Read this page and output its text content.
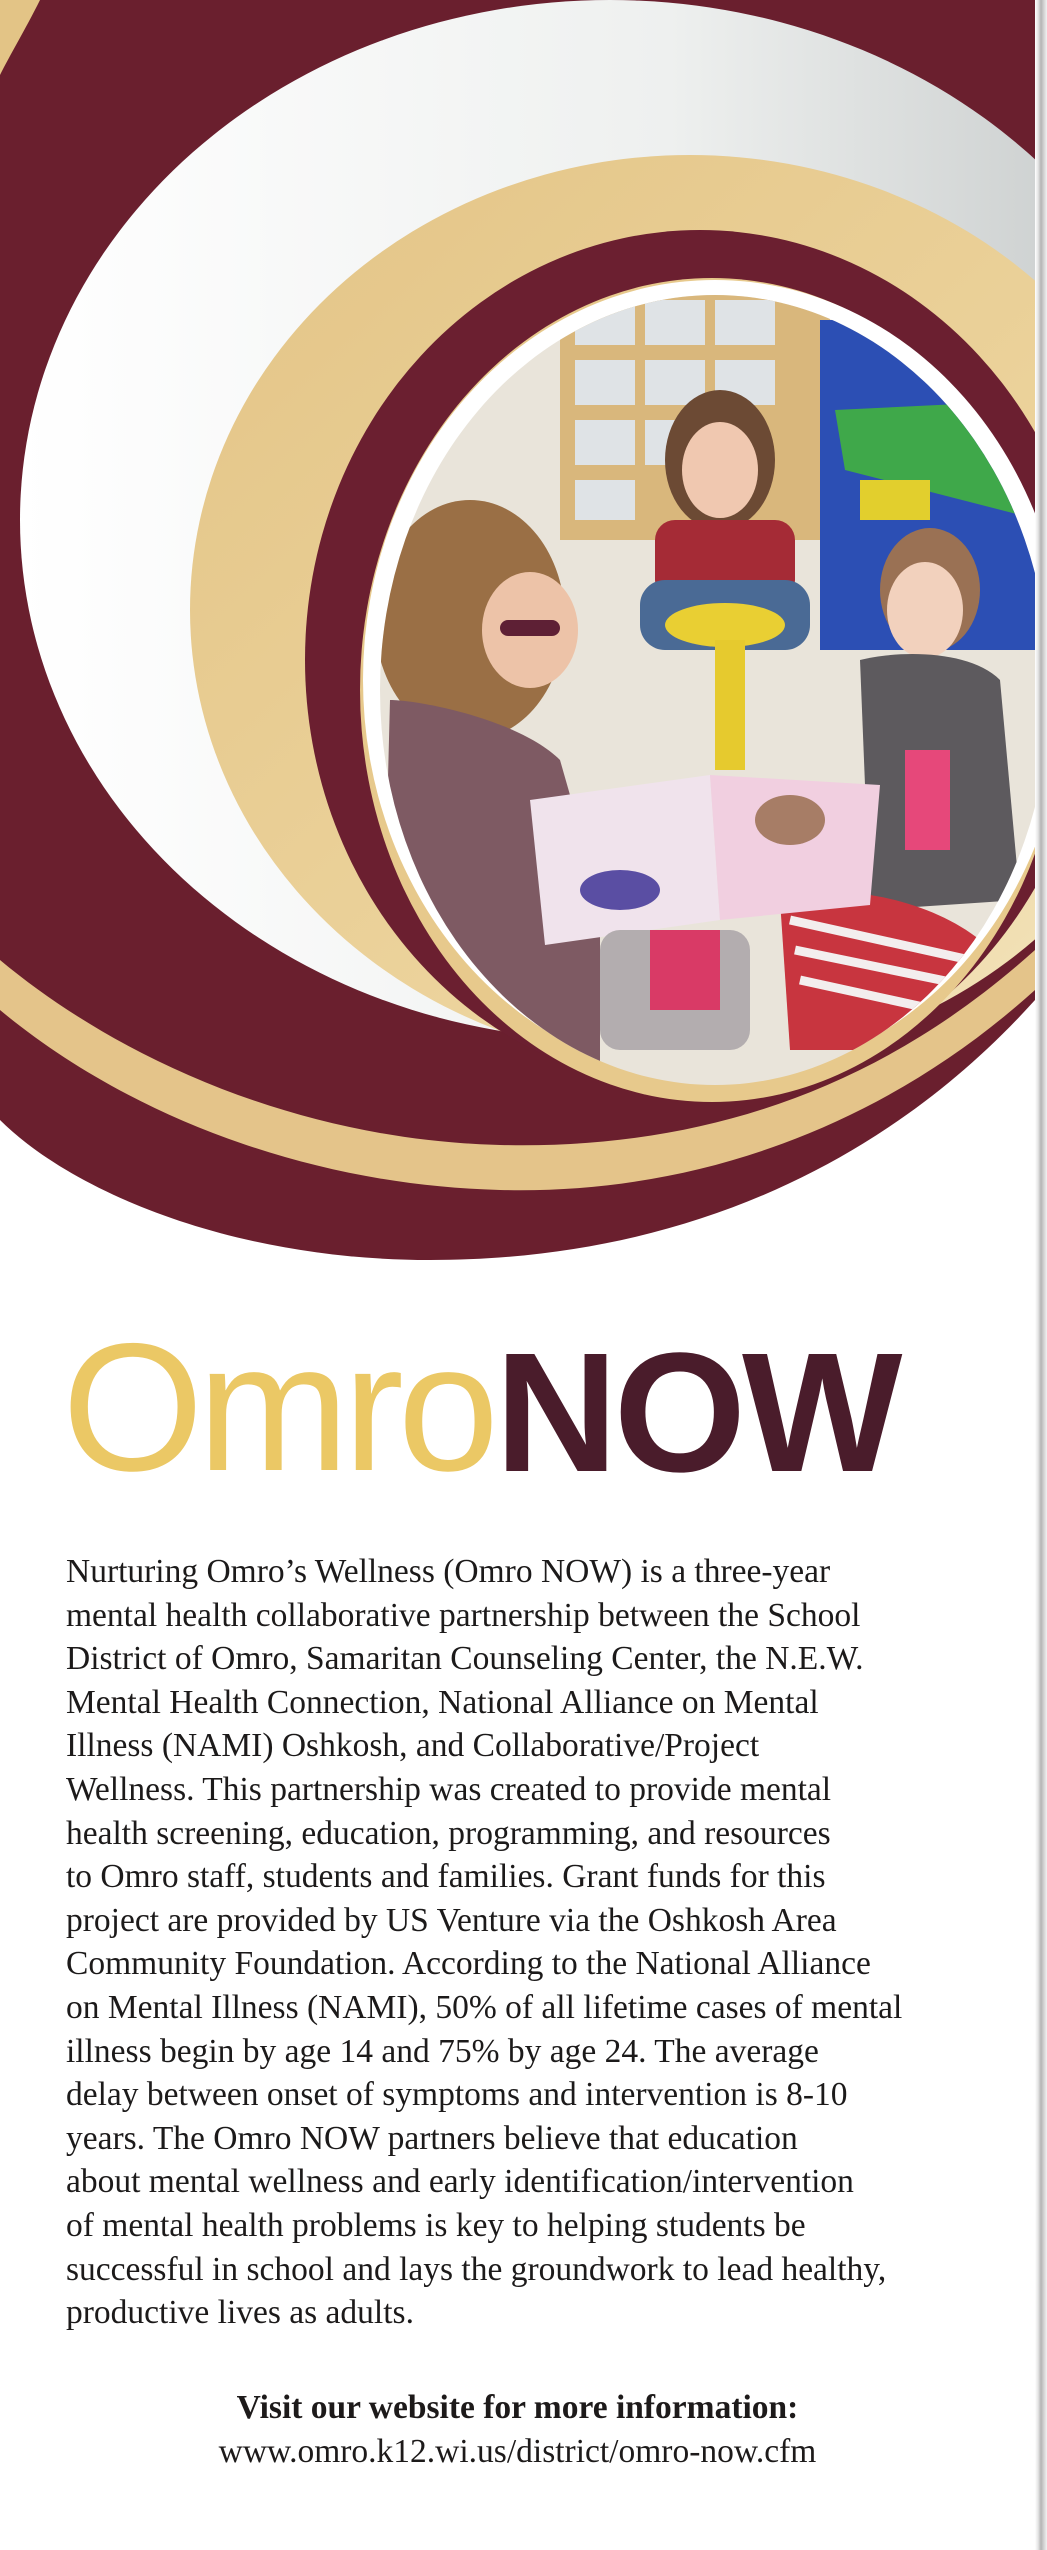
Omro NOW

Nurturing Omro’s Wellness (Omro NOW) is a three-year

mental health collaborative partnership between the School

District of Omro, Samaritan Counseling Center, the N.E.W.

Mental Health Connection, National Alliance on Mental

Illness (NAMI) Oshkosh, and Collaborative/Project

Wellness. This partnership was created to provide mental

health screening, education, programming, and resources

to Omro staff, students and families. Grant funds for this

project are provided by US Venture via the Oshkosh Area

Community Foundation. According to the National Alliance

on Mental Illness (NAMI), 50% of all lifetime cases of mental

illness begin by age 14 and 75% by age 24. The average

delay between onset of symptoms and intervention is 8-10

years. The Omro NOW partners believe that education

about mental wellness and early identification/intervention

of mental health problems is key to helping students be

successful in school and lays the groundwork to lead healthy,

productive lives as adults.

Visit our website for more information:
www.omro.k12.wi.us/district/omro-now.cfm
